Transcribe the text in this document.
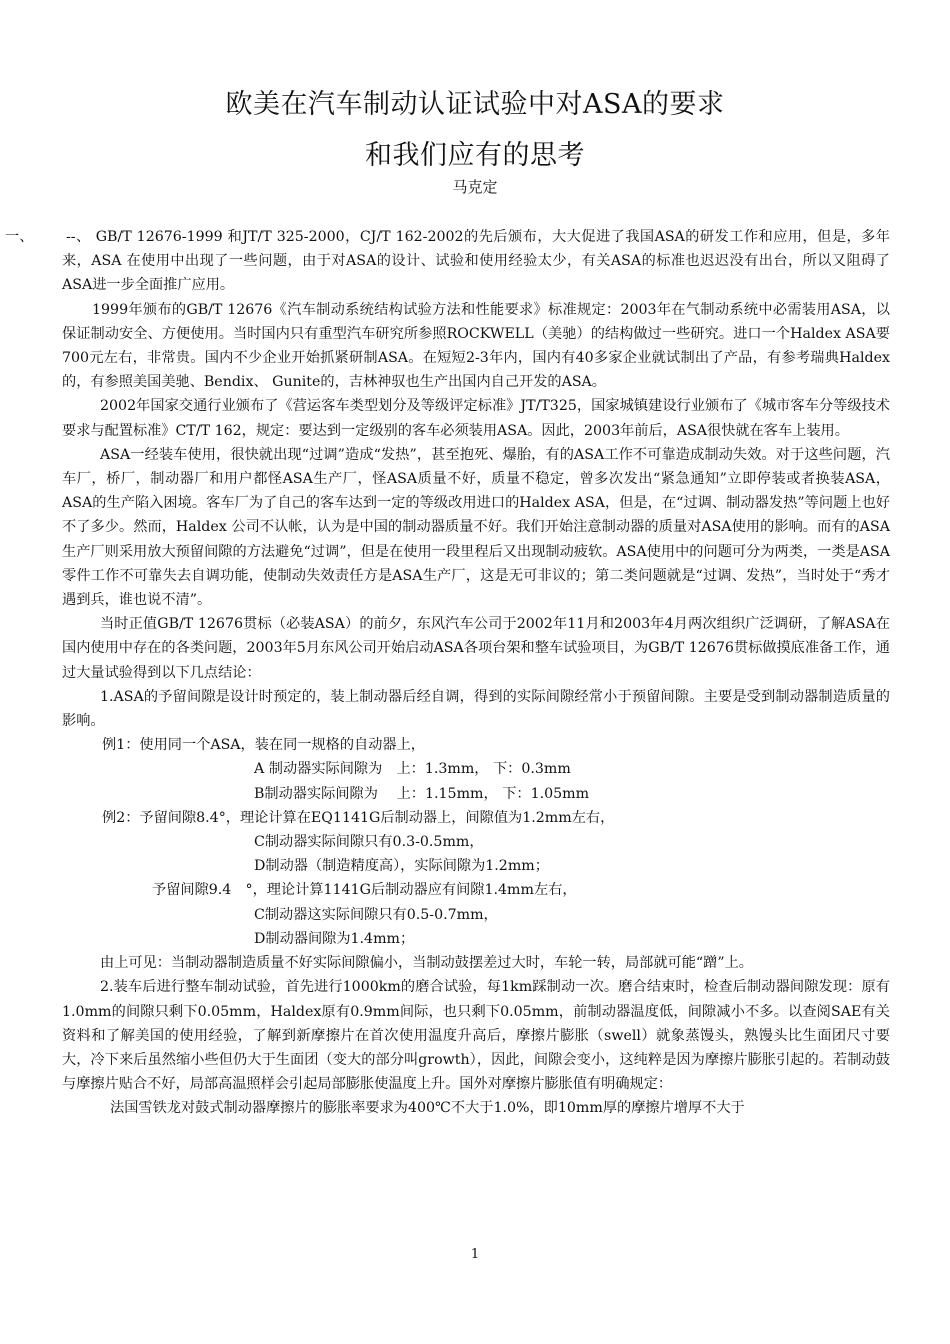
欧美在汽车制动认证试验中对ASA的要求
和我们应有的思考
马克定
一、 --、 GB/T 12676-1999 和JT/T 325-2000，CJ/T 162-2002的先后颁布，大大促进了我国ASA的研发工作和应用，但是，多年来，ASA 在使用中出现了一些问题，由于对ASA的设计、试验和使用经验太少，有关ASA的标准也迟迟没有出台，所以又阻碍了ASA进一步全面推广应用。

1999年颁布的GB/T 12676《汽车制动系统结构试验方法和性能要求》标准规定：2003年在气制动系统中必需装用ASA，以保证制动安全、方便使用。当时国内只有重型汽车研究所参照ROCKWELL（美驰）的结构做过一些研究。进口一个Haldex ASA要700元左右，非常贵。国内不少企业开始抓紧研制ASA。在短短2-3年内，国内有40多家企业就试制出了产品，有参考瑞典Haldex的，有参照美国美驰、Bendix、 Gunite的，吉林神驭也生产出国内自己开发的ASA。

2002年国家交通行业颁布了《营运客车类型划分及等级评定标准》JT/T325，国家城镇建设行业颁布了《城市客车分等级技术要求与配置标准》CT/T 162，规定：要达到一定级别的客车必须装用ASA。因此，2003年前后，ASA很快就在客车上装用。

ASA一经装车使用，很快就出现“过调”造成“发热”，甚至抱死、爆胎，有的ASA工作不可靠造成制动失效。对于这些问题，汽车厂，桥厂，制动器厂和用户都怪ASA生产厂，怪ASA质量不好，质量不稳定，曾多次发出“紧急通知”立即停装或者换装ASA，ASA的生产陷入困境。客车厂为了自己的客车达到一定的等级改用进口的Haldex ASA，但是，在“过调、制动器发热”等问题上也好不了多少。然而，Haldex 公司不认帐，认为是中国的制动器质量不好。我们开始注意制动器的质量对ASA使用的影响。而有的ASA生产厂则采用放大预留间隙的方法避免“过调”，但是在使用一段里程后又出现制动疲软。ASA使用中的问题可分为两类，一类是ASA零件工作不可靠失去自调功能，使制动失效责任方是ASA生产厂，这是无可非议的；第二类问题就是“过调、发热”，当时处于“秀才遇到兵，谁也说不清”。

当时正值GB/T 12676贯标（必装ASA）的前夕，东风汽车公司于2002年11月和2003年4月两次组织广泛调研，了解ASA在国内使用中存在的各类问题，2003年5月东风公司开始启动ASA各项台架和整车试验项目，为GB/T 12676贯标做摸底准备工作，通过大量试验得到以下几点结论：

1.ASA的予留间隙是设计时预定的，装上制动器后经自调，得到的实际间隙经常小于预留间隙。主要是受到制动器制造质量的影响。

例1：使用同一个ASA，装在同一规格的自动器上，

A 制动器实际间隙为　上：1.3mm， 下：0.3mm

B制动器实际间隙为　 上：1.15mm， 下：1.05mm

例2：予留间隙8.4°，理论计算在EQ1141G后制动器上，间隙值为1.2mm左右，

C制动器实际间隙只有0.3-0.5mm，

D制动器（制造精度高），实际间隙为1.2mm；

予留间隙9.4　°，理论计算1141G后制动器应有间隙1.4mm左右，

C制动器这实际间隙只有0.5-0.7mm，

D制动器间隙为1.4mm；

由上可见：当制动器制造质量不好实际间隙偏小，当制动鼓摆差过大时，车轮一转，局部就可能“蹭”上。

2.装车后进行整车制动试验，首先进行1000km的磨合试验，每1km踩制动一次。磨合结束时，检查后制动器间隙发现：原有1.0mm的间隙只剩下0.05mm，Haldex原有0.9mm间际，也只剩下0.05mm，前制动器温度低，间隙减小不多。以查阅SAE有关资料和了解美国的使用经验，了解到新摩擦片在首次使用温度升高后，摩擦片膨胀（swell）就象蒸馒头，熟馒头比生面团尺寸要大，冷下来后虽然缩小些但仍大于生面团（变大的部分叫growth），因此，间隙会变小，这纯粹是因为摩擦片膨胀引起的。若制动鼓与摩擦片贴合不好，局部高温照样会引起局部膨胀使温度上升。国外对摩擦片膨胀值有明确规定：

法国雪铁龙对鼓式制动器摩擦片的膨胀率要求为400℃不大于1.0%，即10mm厚的摩擦片增厚不大于

1
